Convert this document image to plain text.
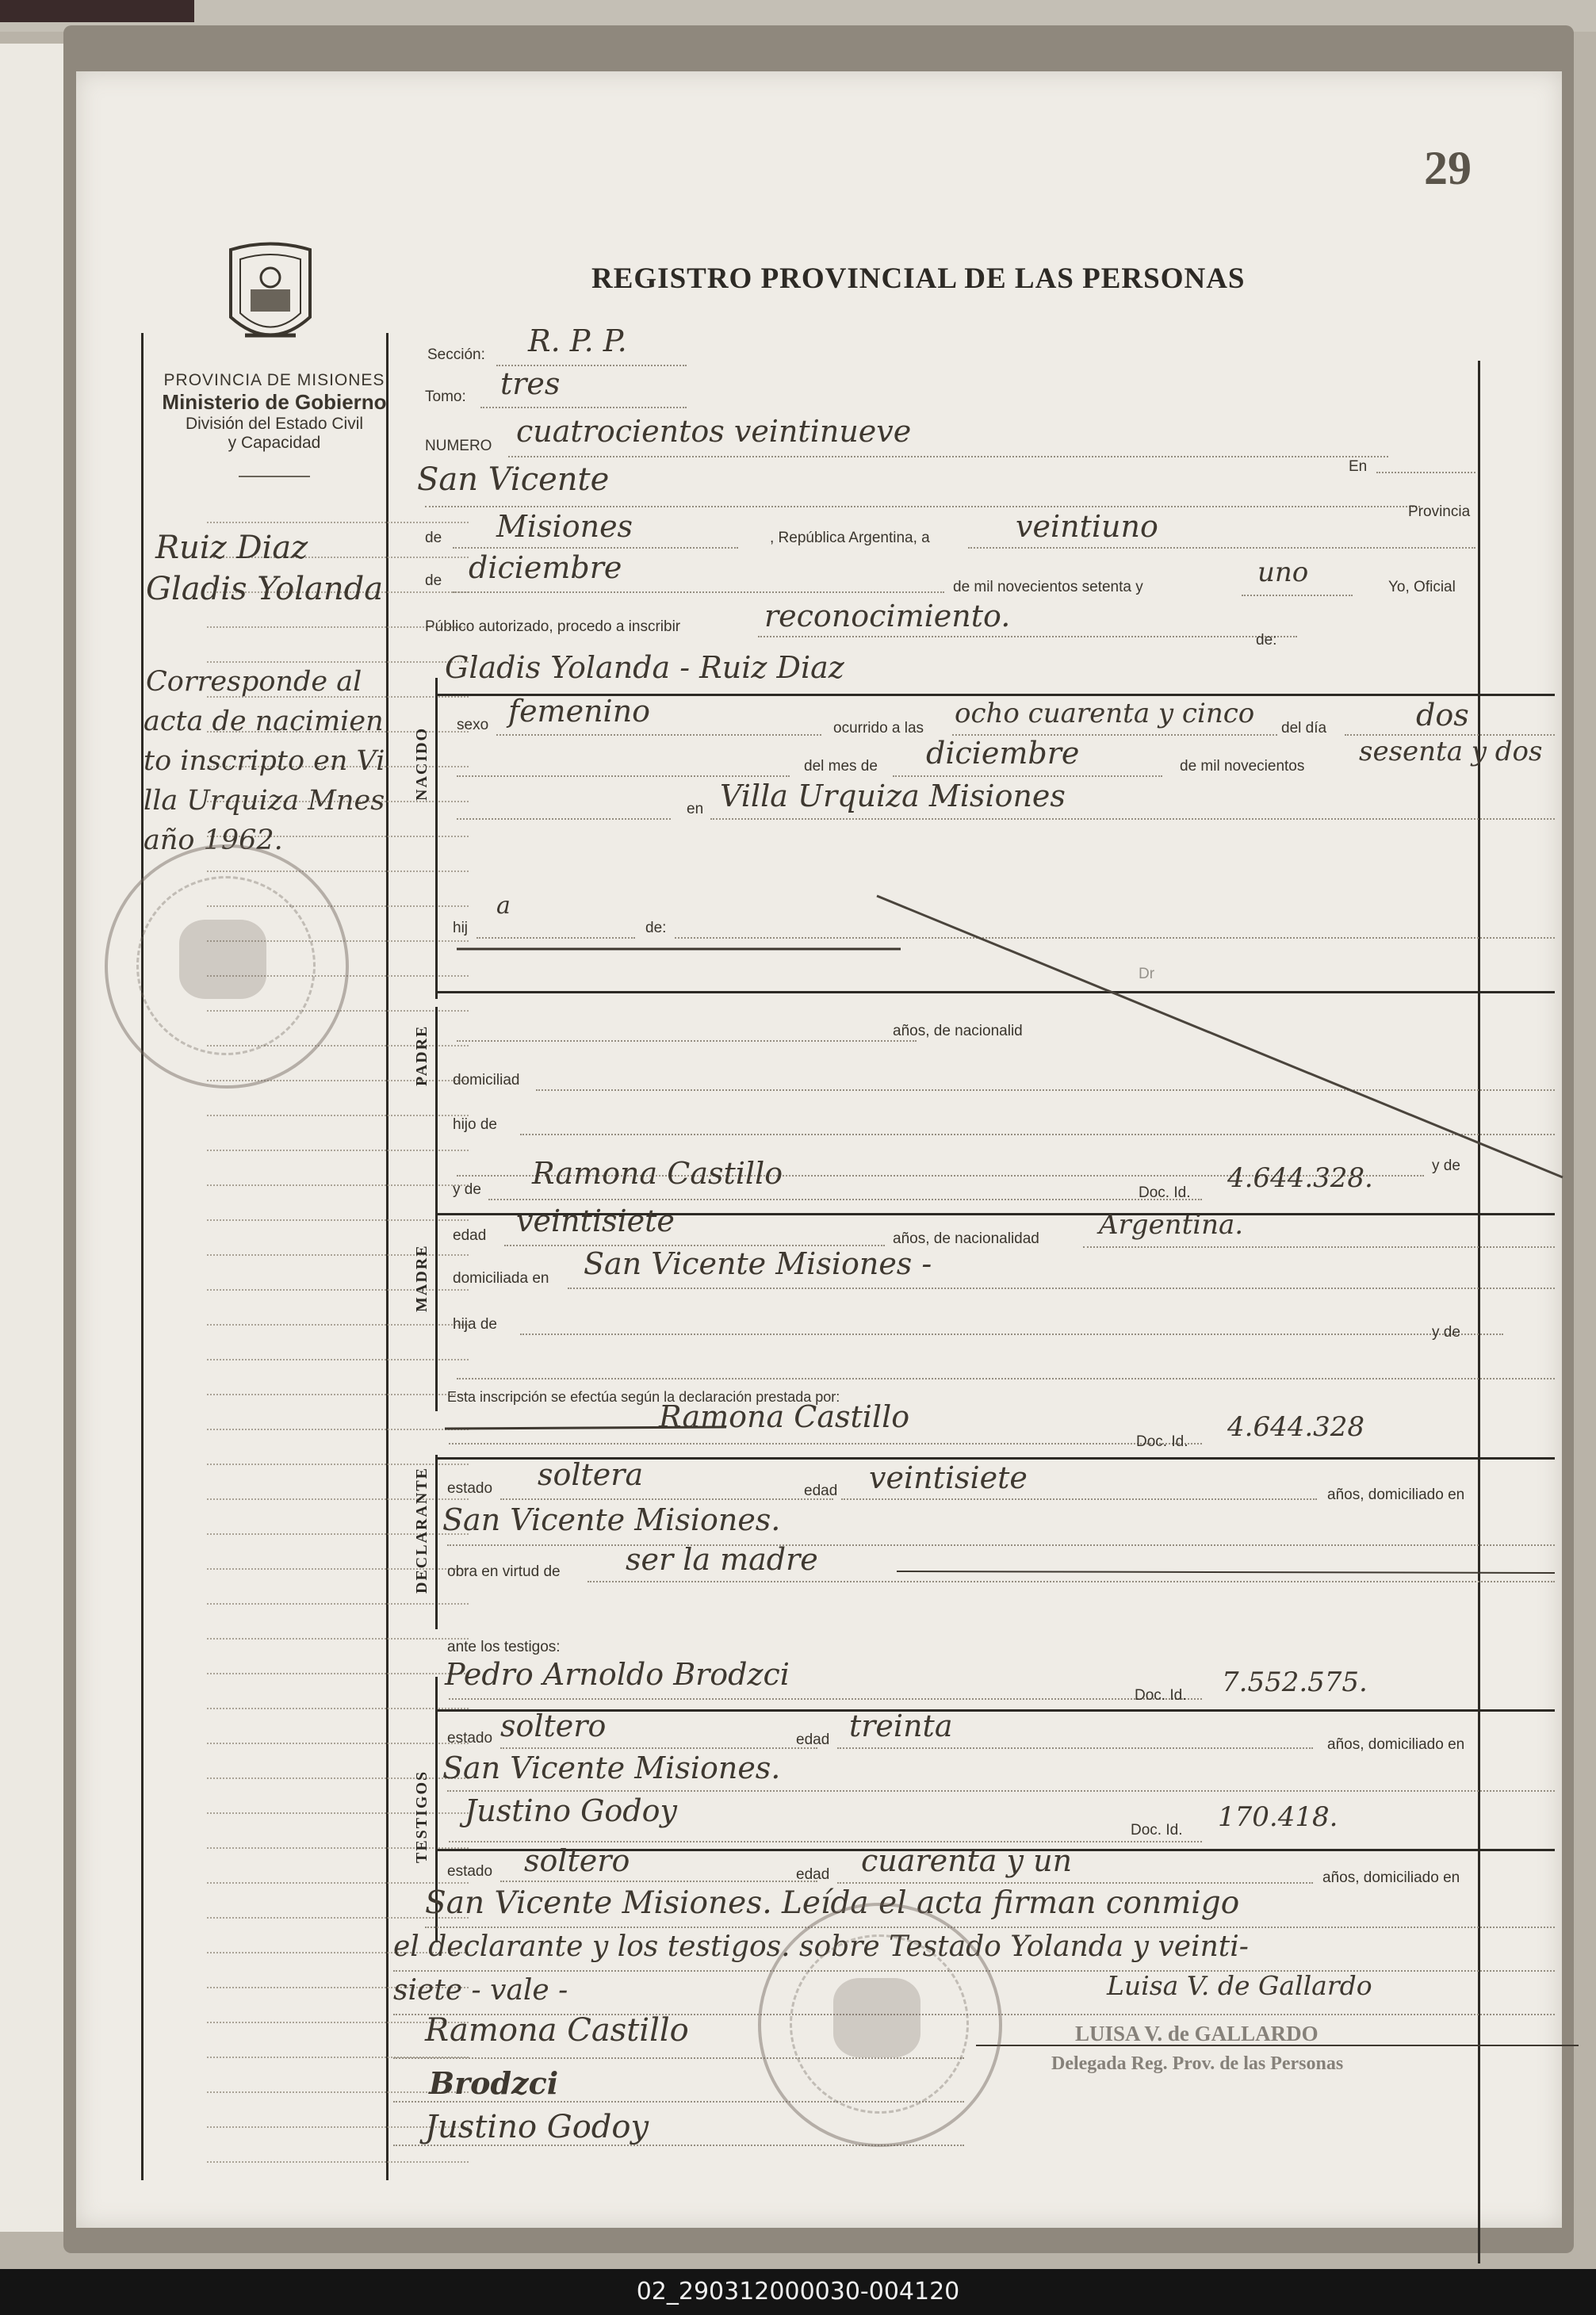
29
REGISTRO PROVINCIAL DE LAS PERSONAS
PROVINCIA DE MISIONES
Ministerio de Gobierno
División del Estado Civil
y Capacidad
Ruiz Diaz
Gladis Yolanda
Corresponde al
acta de nacimien
to inscripto en Vi
lla Urquiza Mnes
año 1962.
Sección: R. P. P.
Tomo: tres
NUMERO cuatrocientos veintinueve
En
San Vicente
Provincia
de Misiones	, República Argentina, a	veintiuno
de diciembre
de mil novecientos setenta y	uno	Yo, Oficial
Público autorizado, procedo a inscribir	reconocimiento.
de:
NACIDO
Gladis Yolanda - Ruiz Diaz
sexo femenino	ocurrido a las ocho cuarenta y cinco del día	dos
del mes de diciembre	de mil novecientos sesenta y dos
en Villa Urquiza Misiones
hij
a
de:
PADRE
Dr
años, de nacionalid
domiciliad
hijo de
y de
MADRE
y de Ramona Castillo
Doc. Id. 4.644.328.
edad veintisiete
años, de nacionalidad Argentina.
domiciliada en San Vicente Misiones -
hija de	y de
Esta inscripción se efectúa según la declaración prestada por:
DECLARANTE
Ramona Castillo
Doc. Id. 4.644.328
estado soltera	edad veintisiete	años, domiciliado en
San Vicente Misiones.
obra en virtud de ser la madre
ante los testigos:
TESTIGOS
Pedro Arnoldo Brodzci
Doc. Id. 7.552.575.
estado soltero	edad treinta
años, domiciliado en
San Vicente Misiones.
Justino Godoy
Doc. Id. 170.418.
estado soltero	edad cuarenta y un	años, domiciliado en
San Vicente Misiones. Leída el acta firman conmigo
el declarante y los testigos. sobre Testado Yolanda y veinti-
siete - vale -	Luisa V. de Gallardo
LUISA V. de GALLARDO
Delegada Reg. Prov. de las Personas
Ramona Castillo
Brodzci
Justino Godoy
02_290312000030-004120
